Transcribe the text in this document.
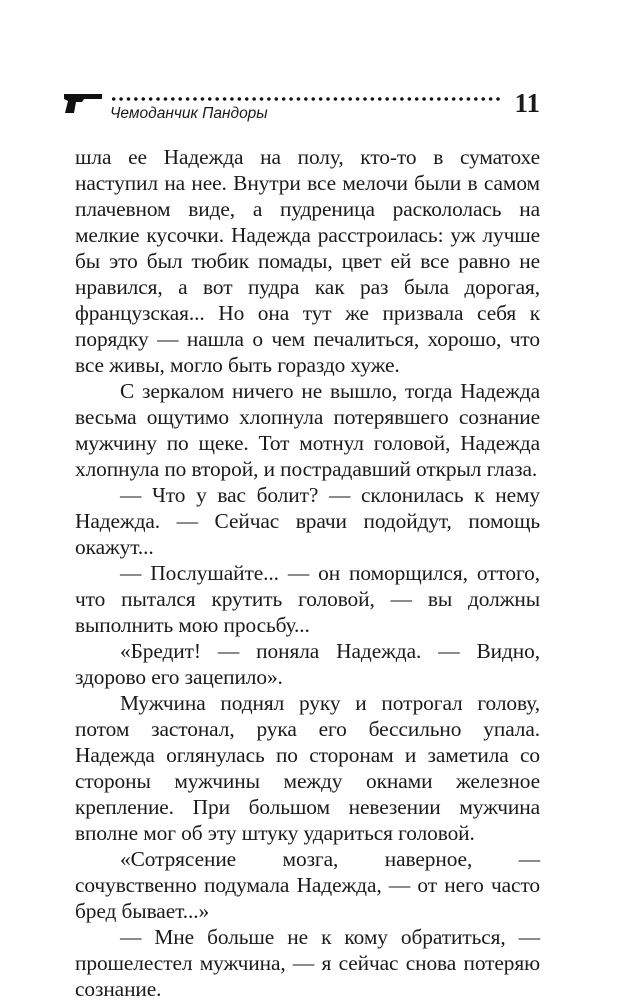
Чемоданчик Пандоры	11

шла ее Надежда на полу, кто-то в суматохе наступил на нее. Внутри все мелочи были в самом плачевном виде, а пудреница раскололась на мелкие кусочки. Надежда расстроилась: уж лучше бы это был тюбик помады, цвет ей все равно не нравился, а вот пудра как раз была дорогая, французская... Но она тут же призвала себя к порядку — нашла о чем печалиться, хорошо, что все живы, могло быть гораздо хуже.

С зеркалом ничего не вышло, тогда Надежда весьма ощутимо хлопнула потерявшего сознание мужчину по щеке. Тот мотнул головой, Надежда хлопнула по второй, и пострадавший открыл глаза.

— Что у вас болит? — склонилась к нему Надежда. — Сейчас врачи подойдут, помощь окажут...

— Послушайте... — он поморщился, оттого, что пытался крутить головой, — вы должны выполнить мою просьбу...

«Бредит! — поняла Надежда. — Видно, здорово его зацепило».

Мужчина поднял руку и потрогал голову, потом застонал, рука его бессильно упала. Надежда оглянулась по сторонам и заметила со стороны мужчины между окнами железное крепление. При большом невезении мужчина вполне мог об эту штуку удариться головой.

«Сотрясение мозга, наверное, — сочувственно подумала Надежда, — от него часто бред бывает...»

— Мне больше не к кому обратиться, — прошелестел мужчина, — я сейчас снова потеряю сознание.
